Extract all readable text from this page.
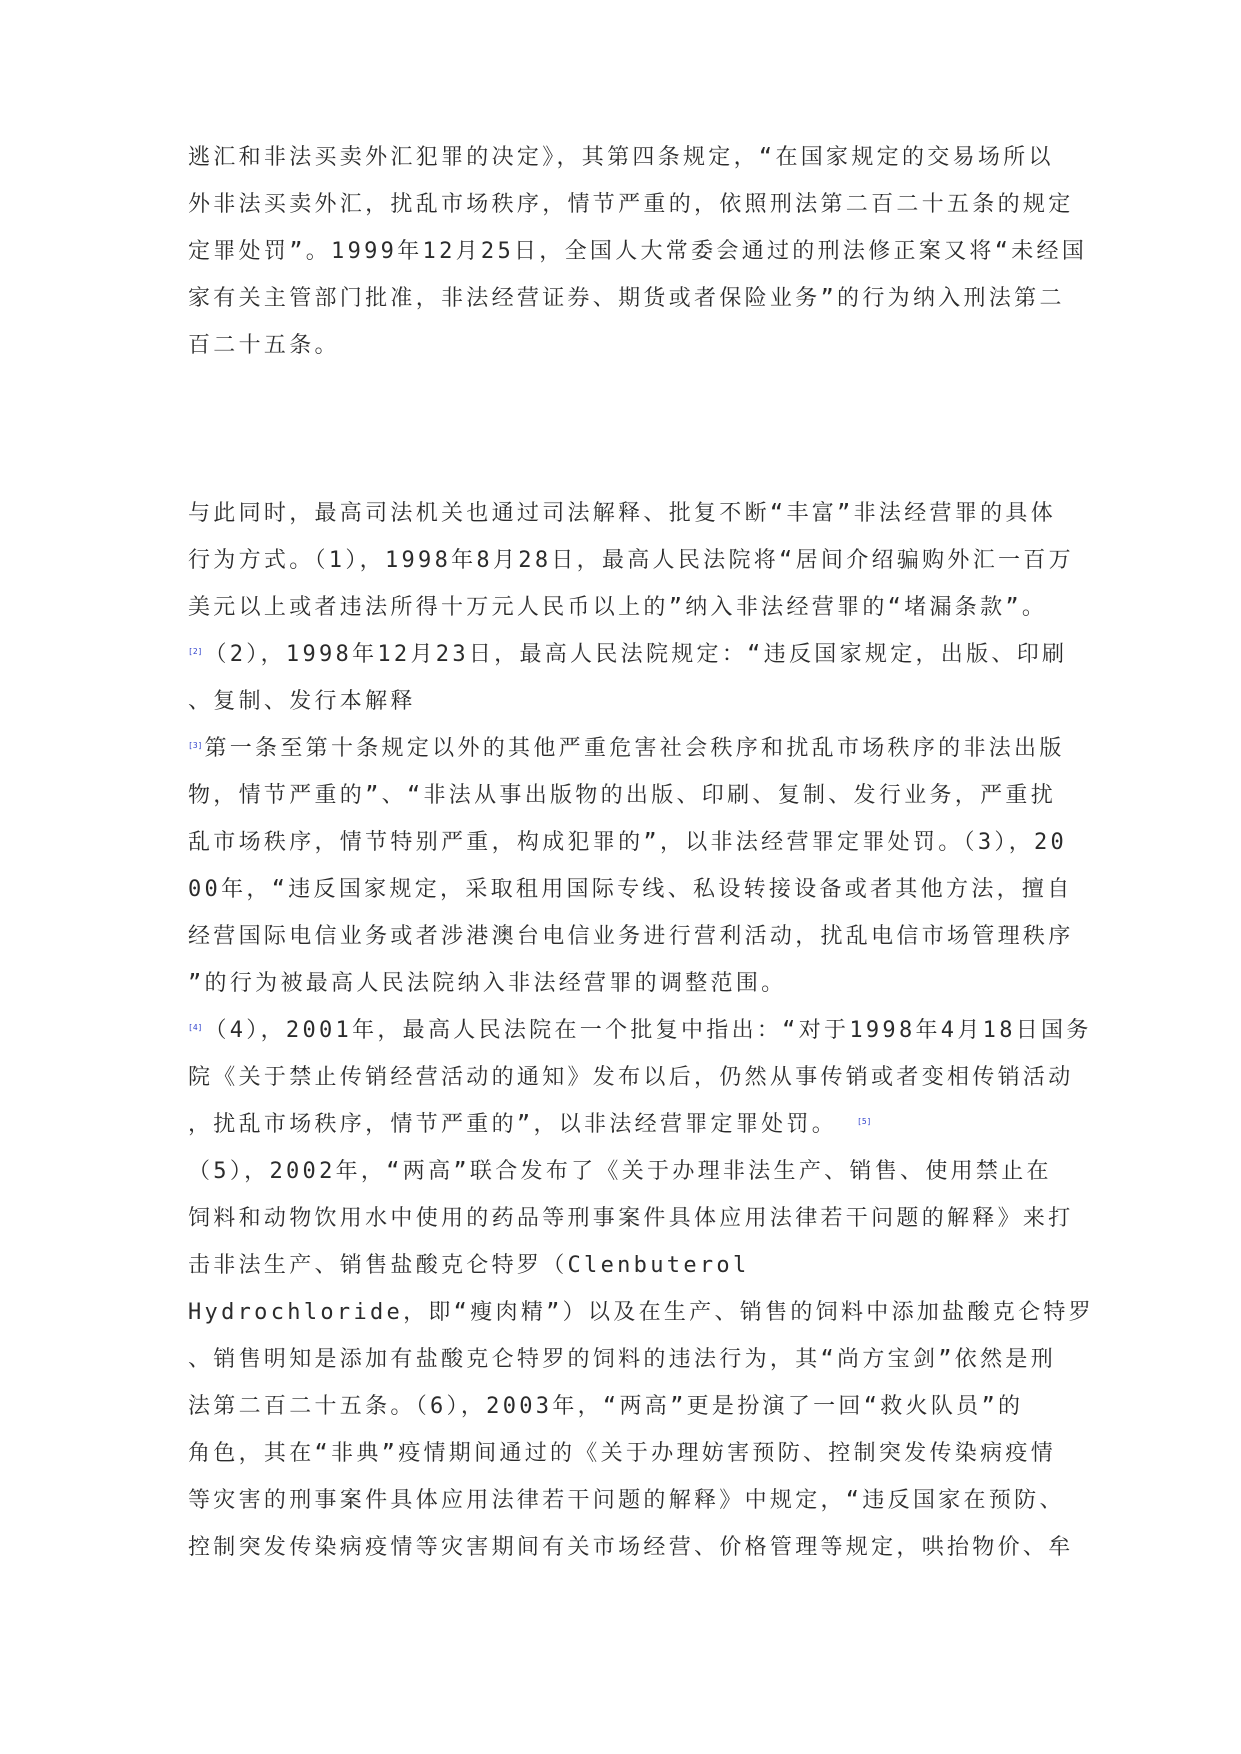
逃汇和非法买卖外汇犯罪的决定》，其第四条规定，“在国家规定的交易场所以
外非法买卖外汇，扰乱市场秩序，情节严重的，依照刑法第二百二十五条的规定
定罪处罚”。1999年12月25日，全国人大常委会通过的刑法修正案又将“未经国
家有关主管部门批准，非法经营证券、期货或者保险业务”的行为纳入刑法第二
百二十五条。
与此同时，最高司法机关也通过司法解释、批复不断“丰富”非法经营罪的具体
行为方式。（1），1998年8月28日，最高人民法院将“居间介绍骗购外汇一百万
美元以上或者违法所得十万元人民币以上的”纳入非法经营罪的“堵漏条款”。
[2]（2），1998年12月23日，最高人民法院规定：“违反国家规定，出版、印刷
、复制、发行本解释
[3]第一条至第十条规定以外的其他严重危害社会秩序和扰乱市场秩序的非法出版
物，情节严重的”、“非法从事出版物的出版、印刷、复制、发行业务，严重扰
乱市场秩序，情节特别严重，构成犯罪的”，以非法经营罪定罪处罚。（3），20
00年，“违反国家规定，采取租用国际专线、私设转接设备或者其他方法，擅自
经营国际电信业务或者涉港澳台电信业务进行营利活动，扰乱电信市场管理秩序
”的行为被最高人民法院纳入非法经营罪的调整范围。
[4]（4），2001年，最高人民法院在一个批复中指出：“对于1998年4月18日国务
院《关于禁止传销经营活动的通知》发布以后，仍然从事传销或者变相传销活动
，扰乱市场秩序，情节严重的”，以非法经营罪定罪处罚。	[5]
（5），2002年，“两高”联合发布了《关于办理非法生产、销售、使用禁止在
饲料和动物饮用水中使用的药品等刑事案件具体应用法律若干问题的解释》来打
击非法生产、销售盐酸克仑特罗（Clenbuterol
Hydrochloride，即“瘦肉精”）以及在生产、销售的饲料中添加盐酸克仑特罗
、销售明知是添加有盐酸克仑特罗的饲料的违法行为，其“尚方宝剑”依然是刑
法第二百二十五条。（6），2003年，“两高”更是扮演了一回“救火队员”的
角色，其在“非典”疫情期间通过的《关于办理妨害预防、控制突发传染病疫情
等灾害的刑事案件具体应用法律若干问题的解释》中规定，“违反国家在预防、
控制突发传染病疫情等灾害期间有关市场经营、价格管理等规定，哄抬物价、牟
